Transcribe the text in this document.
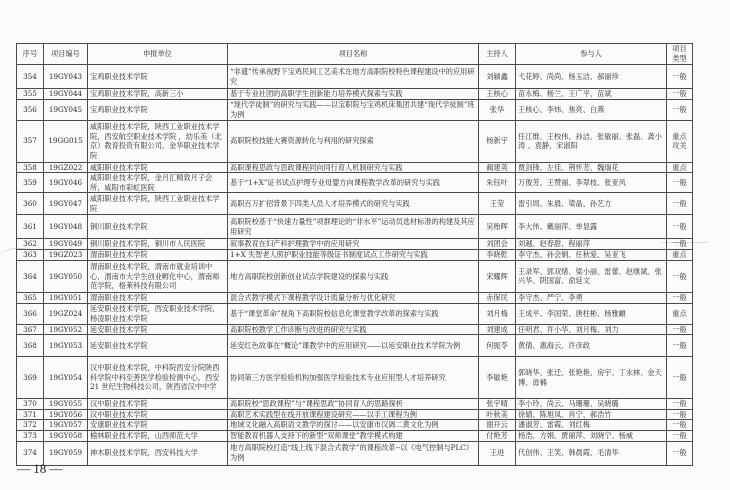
序号	项目编号	申报单位	项目名称	主持人	参与人	项目类型
354	19GY043	宝鸡职业技术学院	“非遗”传承视野下宝鸡民间工艺美术在地方高职院校特色课程建设中的应用研究	刘颖鑫	弋花婷、尚尚、杨玉洁、郝丽珍	一般
355	19GY044	宝鸡职业技术学院，高新三小	基于专业社团的高职学生创新能力培养模式探索与实践	王核心	苗永梅、杨兰、王广平、苗斌	一般
356	19GY045	宝鸡职业技术学院	“现代学徒制”的研究与实践——以宝职院与宝鸡机床集团共建“现代学徒制”班为例	张华	王核心、李炜、焦亮、白燕	一般
357	19GG015	咸阳职业技术学院，陕西工业职业技术学院，西安航空职业技术学院 ，幼乐美（北京）教育投资有限公司，金华职业技术学院	高职院校技能大赛资源转化与利用的研究探索	杨新宇	任江维、王校伟、孙洁、张敏丽、张磊、龚小涛 、袁静、宋淑阳	重点攻关
358	19GZ022	咸阳职业技术学院	高职课程思政与思政课程同向同行育人机制研究与实践	蔺建英	贾剑锋、左佳、荆怀芳、魏瑞花	重点
359	19GY046	咸阳职业技术学院，金月汇精致月子会所，咸阳市彩虹医院	基于“1+X”证书试点护理专业母婴方向课程教学改革的研究与实践	朱钰叶	万俊芳、王赞丽、李翠枝、张亚风	一般
360	19GY047	咸阳职业技术学院，陕西工业职业技术学院	高职百万扩招背景下四类人员人才培养模式的研究与实践	王莹	雷引周、朱晨、梁晶、孙艺方	一般
361	19GY048	铜川职业技术学院	高职院校基于“快速力量性”项群理论的“非水平”运动员选材标准的构建及其应用研究	吴贻晖	李大伟、戴丽萍、单显露	一般
362	19GY049	铜川职业技术学院，铜川市人民医院	叙事教育在妇产科护理教学中的应用研究	刘团会	刘越、赵春甜、程丽萍	一般
363	19GZ023	渭南职业技术学院	1+X 失智老人照护职业技能等级证书制度试点工作研究与实践	李晓乾	李守杰、孙会娟、任秋爱、吴亚飞	重点
364	19GY050	渭南职业技术学院，渭南市就业培训中心，渭南市大学生创业孵化中心，渭南师范学院，格莱科技有限公司	地方高职院校创新创业试点学院建设的探索与实践	宋耀辉	王录军、郭双绪、梁小丽、雷蕾、赵继斌、张兴华、阴国富、俞延文	一般
365	19GY051	渭南职业技术学院	混合式教学模式下课程教学设计质量分析与优化研究	赤保民	李守杰、严宁、李勇	一般
366	19GZ024	延安职业技术学院，西安职业技术学院，杨凌职业技术学院	基于“课堂革命”视角下高职院校信息化课堂教学改革的探索与实践	刘月梅	王成平、李国荣、唐柱彬、杨雅頔	重点
367	19GY052	延安职业技术学院	高职院校教学工作诊断与改进的研究与实践	刘建成	任明君、许小华、刘月梅、刘力	一般
368	19GY053	延安职业技术学院	延安红色故事在“概论”课教学中的应用研究——以延安职业技术学院为例	何振苓	黄倩、惠海云、许彦政	一般
369	19GY054	汉中职业技术学院，中科院西安分院陕西科学院中科至善医学检验检测中心，西安 21 世纪生物科技公司，陕西省汉中中学	协同第三方医学检验机构加强医学检验技术专业应用型人才培养研究	李敏艳	郭晓华、张迁、张艳艳、房宇、丁永林、金天博、毋楠	一般
370	19GY055	汉中职业技术学院	高职院校“思政课程”与“课程思政”协同育人的思路探析	张宇晴	李小玲、尚云、马珊珊、吴晓璐	一般
371	19GY056	汉中职业技术学院	高职艺术实践型在线开放课程建设研究——以手工课程为例	叶秋美	徐婧、陈旭凤、肖宁、郝浩竹	一般
372	19GY057	安康职业技术学院	地域文化融入高职语文教学的探讨——以安康市汉调二黄文化为例	谢开云	潘淑芳、雷霞、刘红梅	一般
373	19GY058	榆林职业技术学院，山西师范大学	智能教育机器人支持下的新型“双师课堂”教学模式构建	付艳芳	杨浩、方娟、贾丽萍、刘晓宁、杨威	一般
374	19GY059	神木职业技术学院，西安科技大学	地方高职院校打造“线上线下混合式教学”的课程改革--以《电气控制与PLC》为例	王进	代创伟、王笑、韩晨霞、毛清华	一般
— 18 —
